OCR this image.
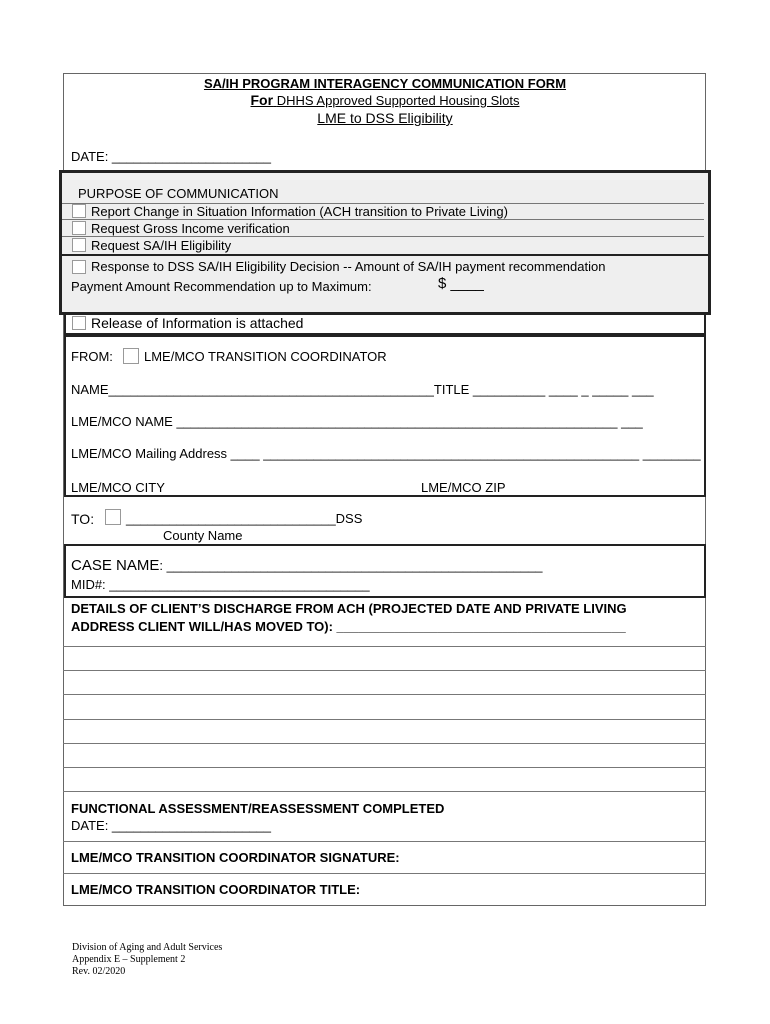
SA/IH PROGRAM INTERAGENCY COMMUNICATION FORM
For DHHS Approved Supported Housing Slots
LME to DSS Eligibility
DATE: ______________________
PURPOSE OF COMMUNICATION
Report Change in Situation Information (ACH transition to Private Living)
Request Gross Income verification
Request SA/IH Eligibility
Response to DSS SA/IH Eligibility Decision -- Amount of SA/IH payment recommendation
Payment Amount Recommendation up to Maximum:	$ ____
Release of Information is attached
FROM: LME/MCO TRANSITION COORDINATOR
NAME_____________________________________________TITLE __________ ____ _ _____ ___
LME/MCO NAME _____________________________________________________________ ___
LME/MCO Mailing Address ____ ____________________________________________________ ________
LME/MCO CITY	LME/MCO ZIP
TO: _____________________________DSS
County Name
CASE NAME: ____________________________________________________
MID#: ____________________________________
DETAILS OF CLIENT’S DISCHARGE FROM ACH (PROJECTED DATE AND PRIVATE LIVING
ADDRESS CLIENT WILL/HAS MOVED TO): ________________________________________
FUNCTIONAL ASSESSMENT/REASSESSMENT COMPLETED
DATE: ______________________
LME/MCO TRANSITION COORDINATOR SIGNATURE:
LME/MCO TRANSITION COORDINATOR TITLE:
Division of Aging and Adult Services
Appendix E – Supplement 2
Rev. 02/2020
